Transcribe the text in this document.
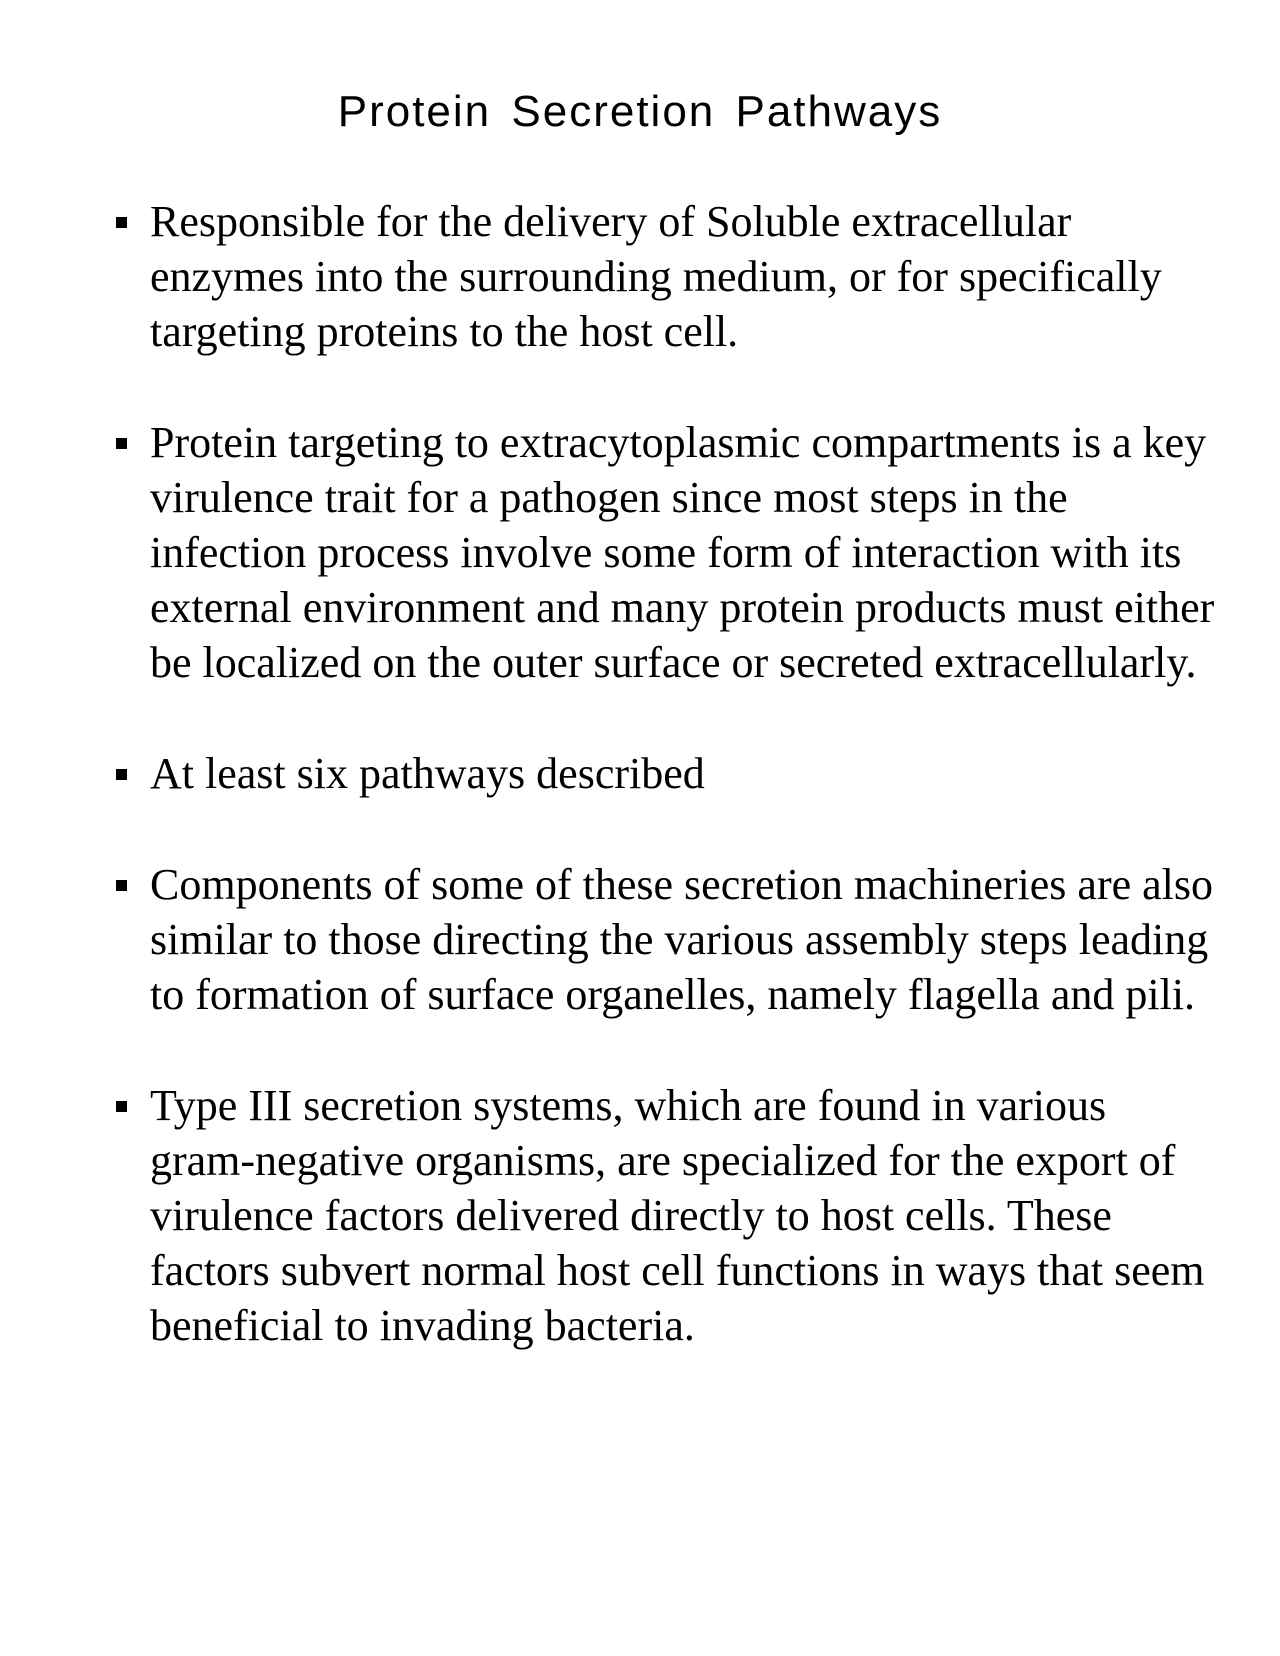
Protein Secretion Pathways
Responsible for the delivery of Soluble extracellular enzymes into the surrounding medium, or for specifically targeting proteins to the host cell.
Protein targeting to extracytoplasmic compartments is a key virulence trait for a pathogen since most steps in the infection process involve some form of interaction with its external environment and many protein products must either be localized on the outer surface or secreted extracellularly.
At least six pathways described
Components of some of these secretion machineries are also similar to those directing the various assembly steps leading to formation of surface organelles, namely flagella and pili.
Type III secretion systems, which are found in various gram-negative organisms, are specialized for the export of virulence factors delivered directly to host cells. These factors subvert normal host cell functions in ways that seem beneficial to invading bacteria.
